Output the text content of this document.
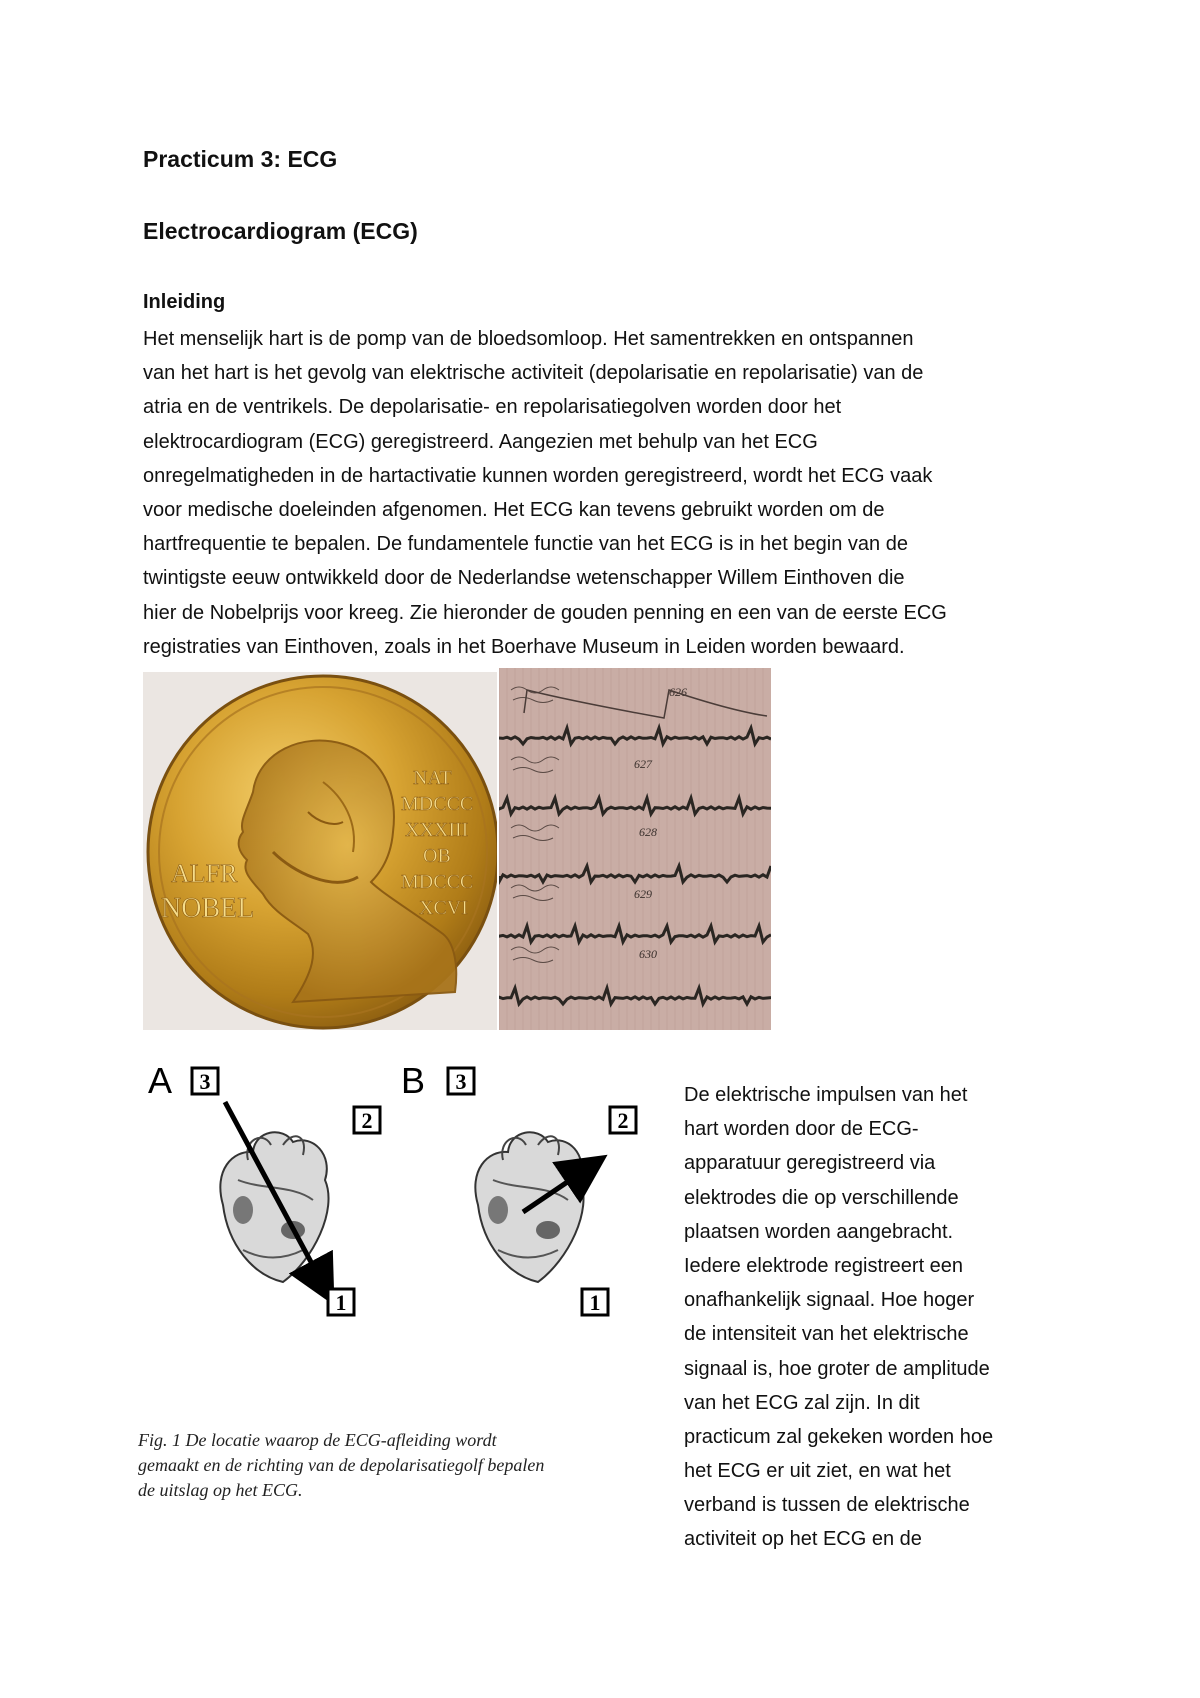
Practicum 3: ECG
Electrocardiogram (ECG)
Inleiding
Het menselijk hart is de pomp van de bloedsomloop. Het samentrekken en ontspannen
van het hart is het gevolg van elektrische activiteit (depolarisatie en repolarisatie) van de
atria en de ventrikels. De depolarisatie- en repolarisatiegolven worden door het
elektrocardiogram (ECG) geregistreerd. Aangezien met behulp van het ECG
onregelmatigheden in de hartactivatie kunnen worden geregistreerd, wordt het ECG vaak
voor medische doeleinden afgenomen. Het ECG kan tevens gebruikt worden om de
hartfrequentie te bepalen. De fundamentele functie van het ECG is in het begin van de
twintigste eeuw ontwikkeld door de Nederlandse wetenschapper Willem Einthoven die
hier de Nobelprijs voor kreeg. Zie hieronder de gouden penning en een van de eerste ECG
registraties van Einthoven, zoals in het Boerhave Museum in Leiden worden bewaard.
ALFR
NOBEL
NAT
MDCCC
XXXIII
OB
MDCCC
XCVI
626
627
628
629
630
A 3
2
1
B 3
2
1
Fig. 1 De locatie waarop de ECG-afleiding wordt
gemaakt en de richting van de depolarisatiegolf bepalen
de uitslag op het ECG.
De elektrische impulsen van het
hart worden door de ECG-
apparatuur geregistreerd via
elektrodes die op verschillende
plaatsen worden aangebracht.
Iedere elektrode registreert een
onafhankelijk signaal. Hoe hoger
de intensiteit van het elektrische
signaal is, hoe groter de amplitude
van het ECG zal zijn. In dit
practicum zal gekeken worden hoe
het ECG er uit ziet, en wat het
verband is tussen de elektrische
activiteit op het ECG en de
